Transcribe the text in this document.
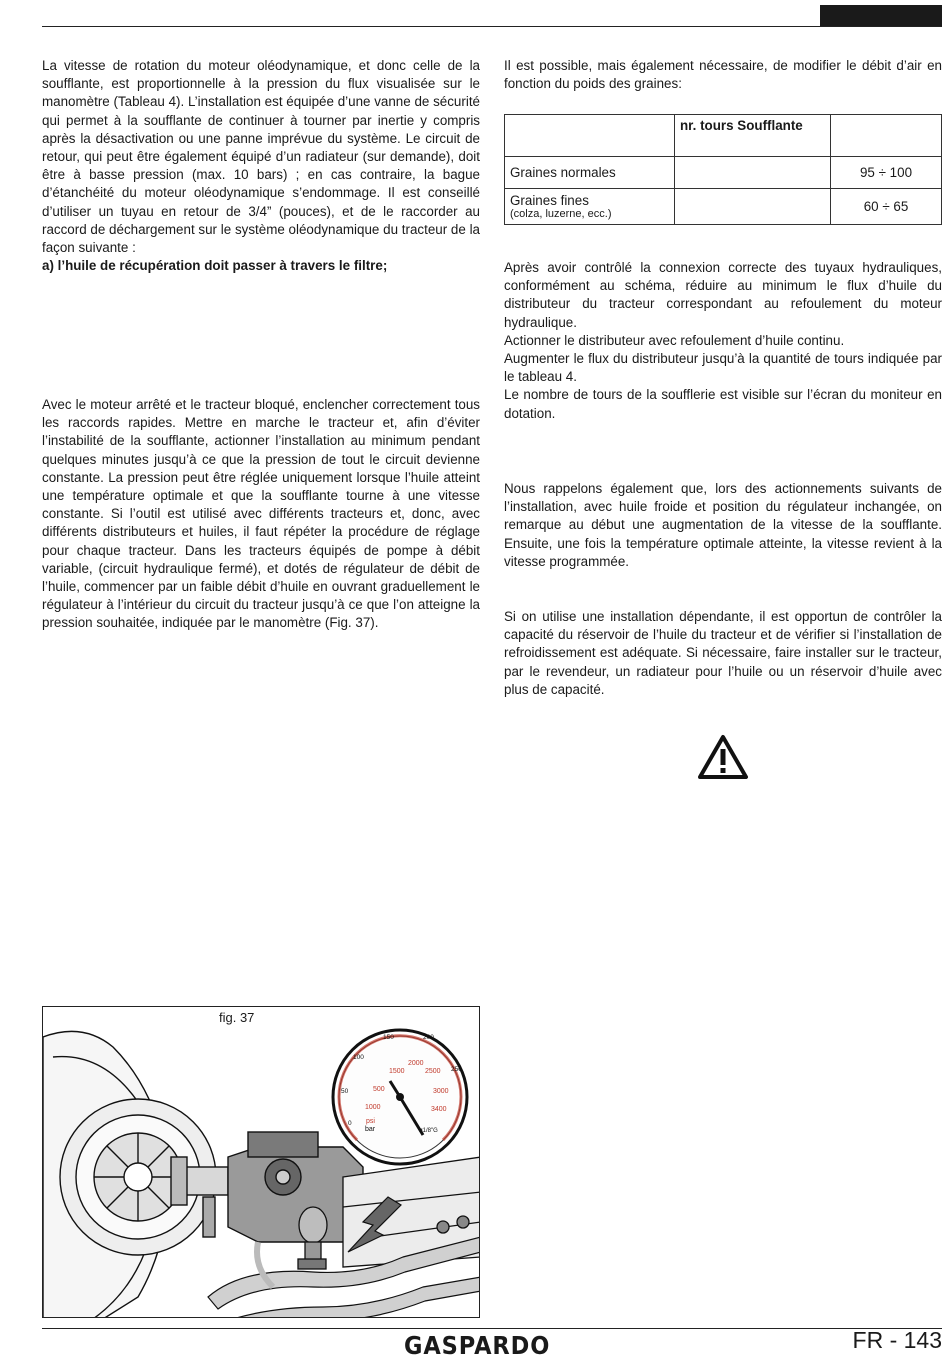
La vitesse de rotation du moteur oléodynamique, et donc celle de la soufflante, est proportionnelle à la pression du flux visualisée sur le manomètre (Tableau 4). L’installation est équipée d’une vanne de sécurité qui permet à la soufflante de continuer à tourner par inertie y compris après la désactivation ou une panne imprévue du système. Le circuit de retour, qui peut être également équipé d’un radiateur (sur demande), doit être à basse pression (max. 10 bars) ; en cas contraire, la bague d’étanchéité du moteur oléodynamique s’endommage. Il est conseillé d’utiliser un tuyau en retour de 3/4” (pouces), et de le raccorder au raccord de déchargement sur le système oléodynamique du tracteur de la façon suivante :

a) l’huile de récupération doit passer à travers le filtre;

Avec le moteur arrêté et le tracteur bloqué, enclencher correctement tous les raccords rapides. Mettre en marche le tracteur et, afin d’éviter l’instabilité de la soufflante, actionner l’installation au minimum pendant quelques minutes jusqu’à ce que la pression de tout le circuit devienne constante. La pression peut être réglée uniquement lorsque l’huile atteint une température optimale et que la soufflante tourne à une vitesse constante. Si l’outil est utilisé avec différents tracteurs et, donc, avec différents distributeurs et huiles, il faut répéter la procédure de réglage pour chaque tracteur. Dans les tracteurs équipés de pompe à débit variable, (circuit hydraulique fermé), et dotés de régulateur de débit de l’huile, commencer par un faible débit d’huile en ouvrant graduellement le régulateur à l’intérieur du circuit du tracteur jusqu’à ce que l’on atteigne la pression souhaitée, indiquée par le manomètre (Fig. 37).

Il est possible, mais également nécessaire, de modifier le débit d’air en fonction du poids des graines:

	nr. tours Soufflante	
Graines normales		95 ÷ 100
Graines fines
(colza, luzerne, ecc.)		60 ÷ 65

Après avoir contrôlé la connexion correcte des tuyaux hydrauliques, conformément au schéma, réduire au minimum le flux d’huile du distributeur du tracteur correspondant au refoulement du moteur hydraulique.

Actionner le distributeur avec refoulement d’huile continu.

Augmenter le flux du distributeur jusqu’à la quantité de tours indiquée par le tableau 4.

Le nombre de tours de la soufflerie est visible sur l’écran du moniteur en dotation.

Nous rappelons également que, lors des actionnements suivants de l’installation, avec huile froide et position du régulateur inchangée, on remarque au début une augmentation de la vitesse de la soufflante. Ensuite, une fois la température optimale atteinte, la vitesse revient à la vitesse programmée.

Si on utilise une installation dépendante, il est opportun de contrôler la capacité du réservoir de l’huile du tracteur et de vérifier si l’installation de refroidissement est adéquate. Si nécessaire, faire installer sur le tracteur, par le revendeur, un radiateur pour l’huile ou un réservoir d’huile avec plus de capacité.

fig. 37
500
1000
1500
2000
2500
3000
3400
0
50
100
150	200
250
psi
bar	ø1/8"G
GASPARDO	FR - 143
